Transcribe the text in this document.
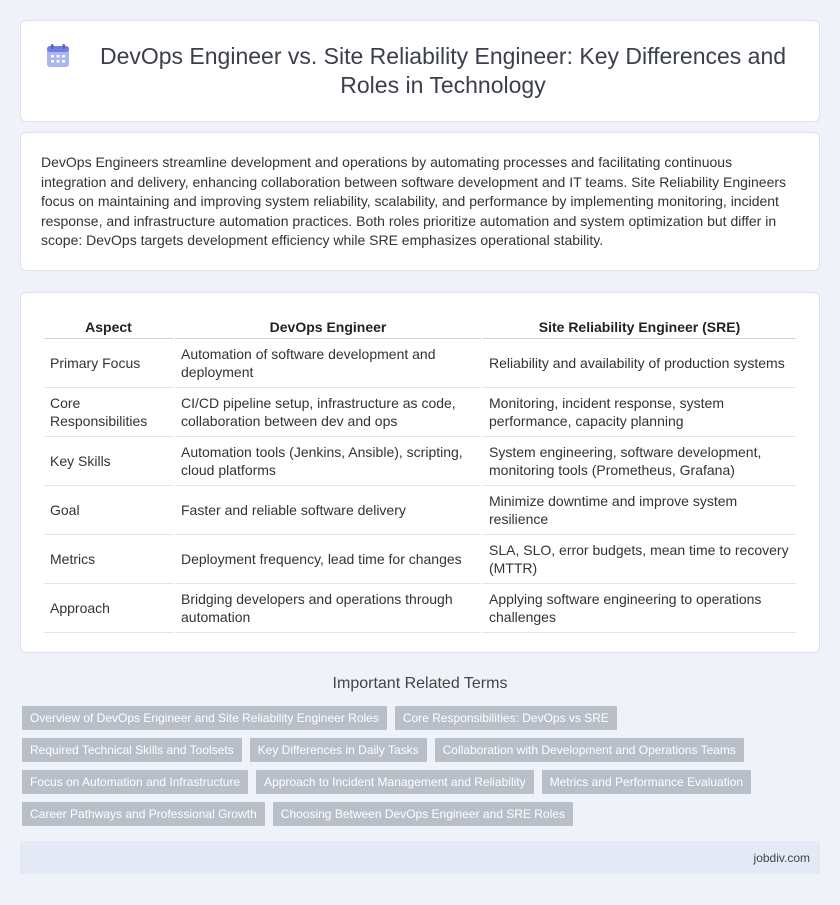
DevOps Engineer vs. Site Reliability Engineer: Key Differences and Roles in Technology

DevOps Engineers streamline development and operations by automating processes and facilitating continuous integration and delivery, enhancing collaboration between software development and IT teams. Site Reliability Engineers focus on maintaining and improving system reliability, scalability, and performance by implementing monitoring, incident response, and infrastructure automation practices. Both roles prioritize automation and system optimization but differ in scope: DevOps targets development efficiency while SRE emphasizes operational stability.

Aspect	DevOps Engineer	Site Reliability Engineer (SRE)
Primary Focus	Automation of software development and deployment	Reliability and availability of production systems
Core Responsibilities	CI/CD pipeline setup, infrastructure as code, collaboration between dev and ops	Monitoring, incident response, system performance, capacity planning
Key Skills	Automation tools (Jenkins, Ansible), scripting, cloud platforms	System engineering, software development, monitoring tools (Prometheus, Grafana)
Goal	Faster and reliable software delivery	Minimize downtime and improve system resilience
Metrics	Deployment frequency, lead time for changes	SLA, SLO, error budgets, mean time to recovery (MTTR)
Approach	Bridging developers and operations through automation	Applying software engineering to operations challenges
Important Related Terms
Overview of DevOps Engineer and Site Reliability Engineer Roles	Core Responsibilities: DevOps vs SRE
Required Technical Skills and Toolsets	Key Differences in Daily Tasks	Collaboration with Development and Operations Teams
Focus on Automation and Infrastructure	Approach to Incident Management and Reliability	Metrics and Performance Evaluation
Career Pathways and Professional Growth	Choosing Between DevOps Engineer and SRE Roles
jobdiv.com
